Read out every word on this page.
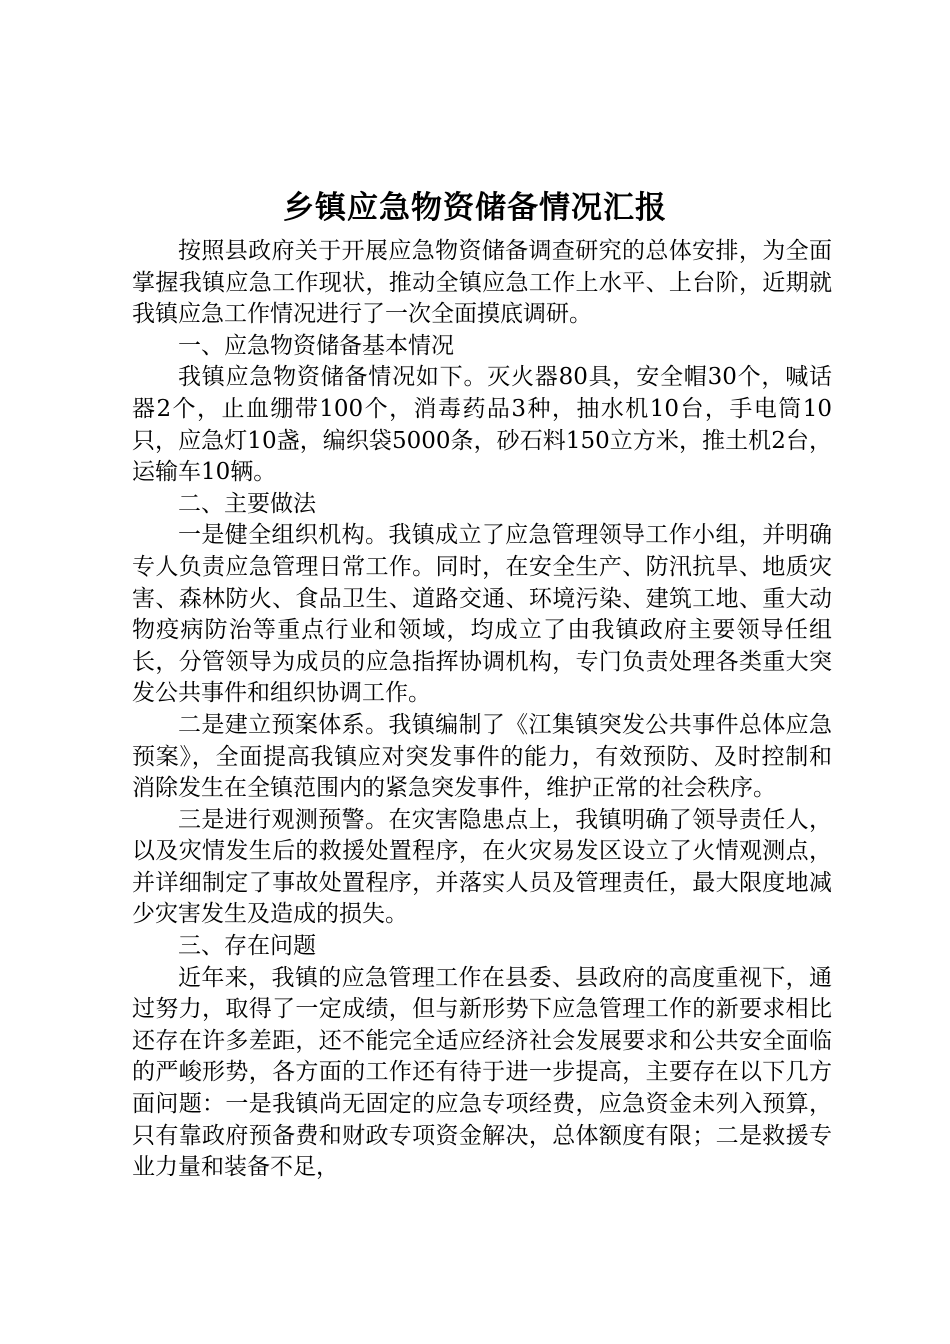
乡镇应急物资储备情况汇报

按照县政府关于开展应急物资储备调查研究的总体安排，为全面掌握我镇应急工作现状，推动全镇应急工作上水平、上台阶，近期就我镇应急工作情况进行了一次全面摸底调研。

一、应急物资储备基本情况

我镇应急物资储备情况如下。灭火器80具，安全帽30个，喊话器2个，止血绷带100个，消毒药品3种，抽水机10台，手电筒10只，应急灯10盏，编织袋5000条，砂石料150立方米，推土机2台，运输车10辆。

二、主要做法

一是健全组织机构。我镇成立了应急管理领导工作小组，并明确专人负责应急管理日常工作。同时，在安全生产、防汛抗旱、地质灾害、森林防火、食品卫生、道路交通、环境污染、建筑工地、重大动物疫病防治等重点行业和领域，均成立了由我镇政府主要领导任组长，分管领导为成员的应急指挥协调机构，专门负责处理各类重大突发公共事件和组织协调工作。

二是建立预案体系。我镇编制了《江集镇突发公共事件总体应急预案》，全面提高我镇应对突发事件的能力，有效预防、及时控制和消除发生在全镇范围内的紧急突发事件，维护正常的社会秩序。

三是进行观测预警。在灾害隐患点上，我镇明确了领导责任人，以及灾情发生后的救援处置程序，在火灾易发区设立了火情观测点，并详细制定了事故处置程序，并落实人员及管理责任，最大限度地减少灾害发生及造成的损失。

三、存在问题

近年来，我镇的应急管理工作在县委、县政府的高度重视下，通过努力，取得了一定成绩，但与新形势下应急管理工作的新要求相比还存在许多差距，还不能完全适应经济社会发展要求和公共安全面临的严峻形势，各方面的工作还有待于进一步提高，主要存在以下几方面问题：一是我镇尚无固定的应急专项经费，应急资金未列入预算，只有靠政府预备费和财政专项资金解决，总体额度有限；二是救援专业力量和装备不足，
